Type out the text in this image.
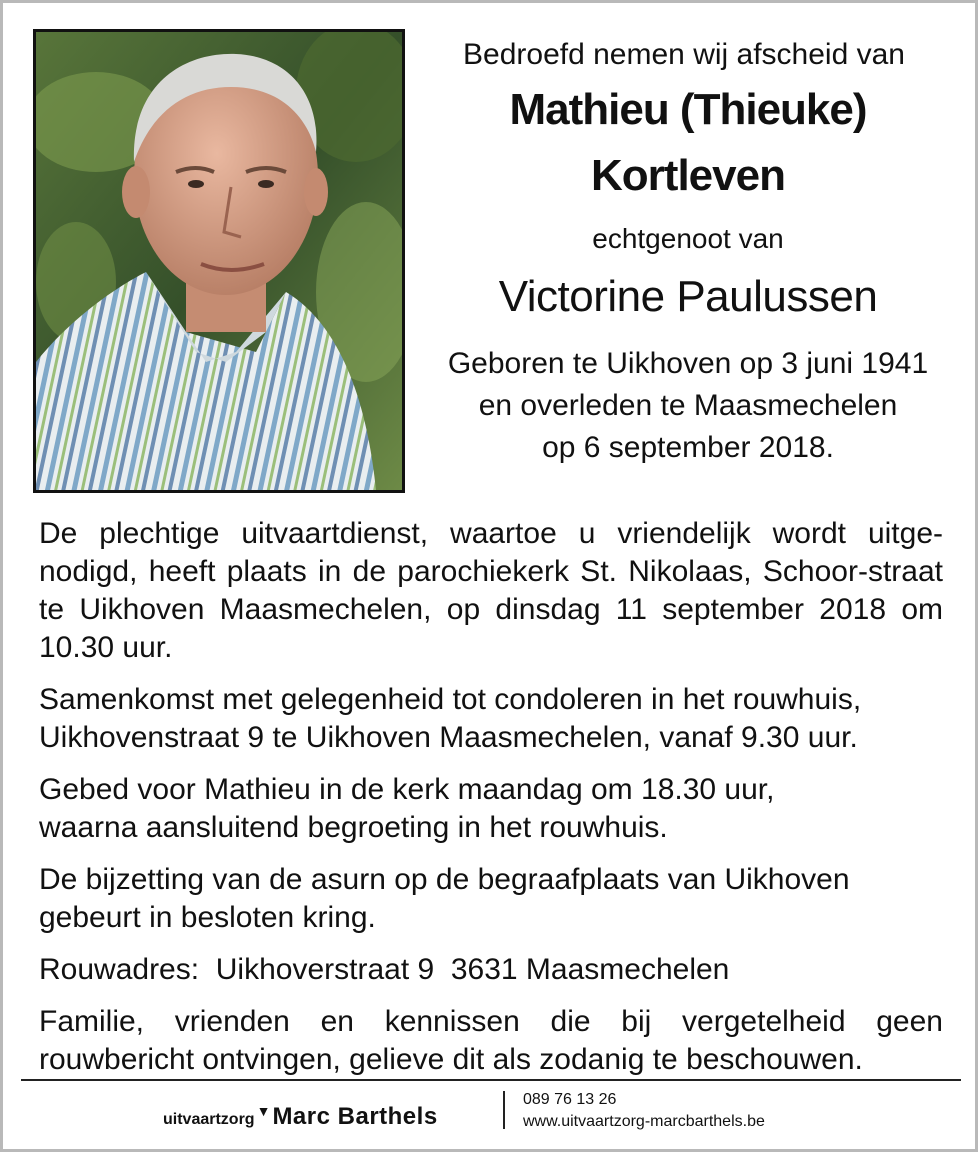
Bedroefd nemen wij afscheid van
Mathieu (Thieuke)
Kortleven
echtgenoot van
Victorine Paulussen
Geboren te Uikhoven op 3 juni 1941
en overleden te Maasmechelen
op 6 september 2018.

De plechtige uitvaartdienst, waartoe u vriendelijk wordt uitge-nodigd, heeft plaats in de parochiekerk St. Nikolaas, Schoor-straat te Uikhoven Maasmechelen, op dinsdag 11 september 2018 om 10.30 uur.

Samenkomst met gelegenheid tot condoleren in het rouwhuis,
Uikhovenstraat 9 te Uikhoven Maasmechelen, vanaf 9.30 uur.

Gebed voor Mathieu in de kerk maandag om 18.30 uur,
waarna aansluitend begroeting in het rouwhuis.

De bijzetting van de asurn op de begraafplaats van Uikhoven
gebeurt in besloten kring.

Rouwadres:  Uikhoverstraat 9  3631 Maasmechelen

Familie, vrienden en kennissen die bij vergetelheid geen rouwbericht ontvingen, gelieve dit als zodanig te beschouwen.

uitvaartzorg ▼Marc Barthels
089 76 13 26
www.uitvaartzorg-marcbarthels.be
